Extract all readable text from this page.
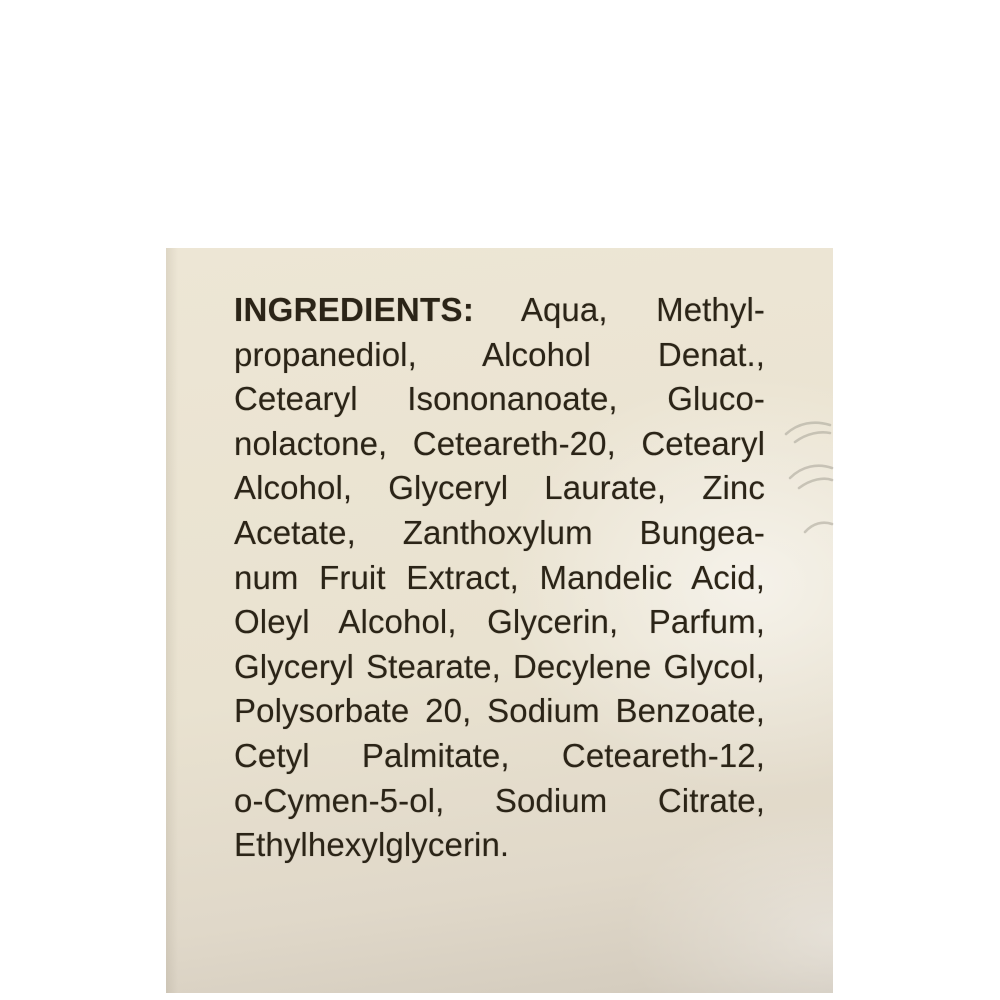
INGREDIENTS: Aqua, Methyl-
propanediol, Alcohol Denat.,
Cetearyl Isononanoate, Gluco-
nolactone, Ceteareth-20, Cetearyl
Alcohol, Glyceryl Laurate, Zinc
Acetate, Zanthoxylum Bungea-
num Fruit Extract, Mandelic Acid,
Oleyl Alcohol, Glycerin, Parfum,
Glyceryl Stearate, Decylene Glycol,
Polysorbate 20, Sodium Benzoate,
Cetyl Palmitate, Ceteareth-12,
o-Cymen-5-ol, Sodium Citrate,
Ethylhexylglycerin.
